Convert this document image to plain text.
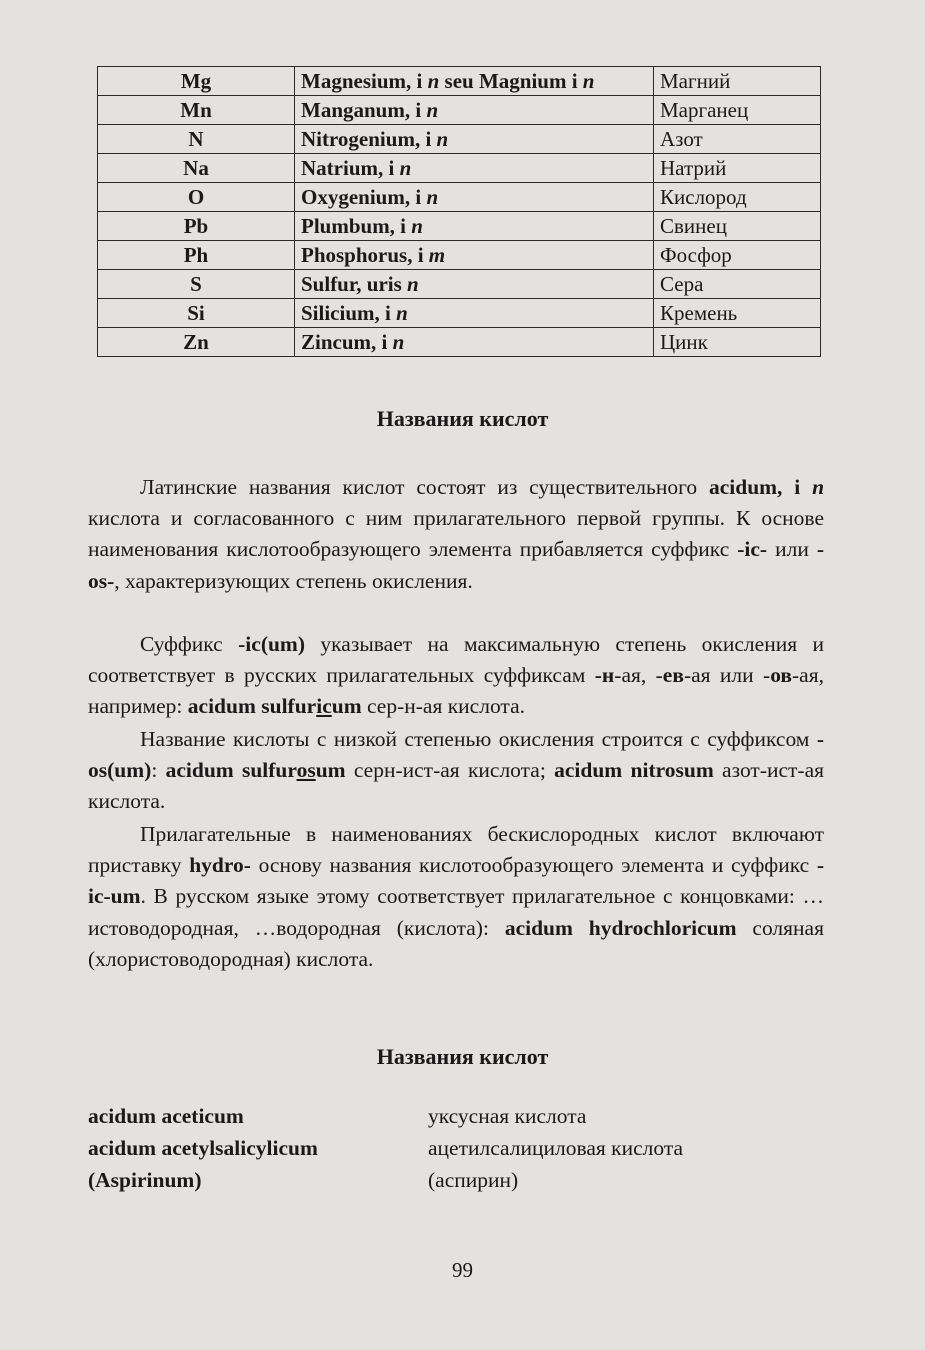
Mg	Magnesium, i n seu Magnium i n	Магний
Mn	Manganum, i n	Марганец
N	Nitrogenium, i n	Азот
Na	Natrium, i n	Натрий
O	Oxygenium, i n	Кислород
Pb	Plumbum, i n	Свинец
Ph	Phosphorus, i m	Фосфор
S	Sulfur, uris n	Сера
Si	Silicium, i n	Кремень
Zn	Zincum, i n	Цинк
Названия кислот

Латинские названия кислот состоят из существительного acidum, i n кислота и согласованного с ним прилагательного первой группы. К основе наименования кислотообразующего элемента прибавляется суффикс -ic- или -os-, характеризующих степень окисления.

Суффикс -ic(um) указывает на максимальную степень окисления и соответствует в русских прилагательных суффиксам -н-ая, -ев-ая или -ов-ая, например: acidum sulfuricum сер-н-ая кислота.

Название кислоты с низкой степенью окисления строится с суффиксом -os(um): acidum sulfurosum серн-ист-ая кислота; acidum nitrosum азот-ист-ая кислота.

Прилагательные в наименованиях бескислородных кислот включают приставку hydro- основу названия кислотообразующего элемента и суффикс -ic-um. В русском языке этому соответствует прилагательное с концовками: …истоводородная, …водородная (кислота): acidum hydrochloricum соляная (хлористоводородная) кислота.

Названия кислот
acidum aceticum	уксусная кислота
acidum acetylsalicylicum	ацетилсалициловая кислота
(Aspirinum)	(аспирин)
99
